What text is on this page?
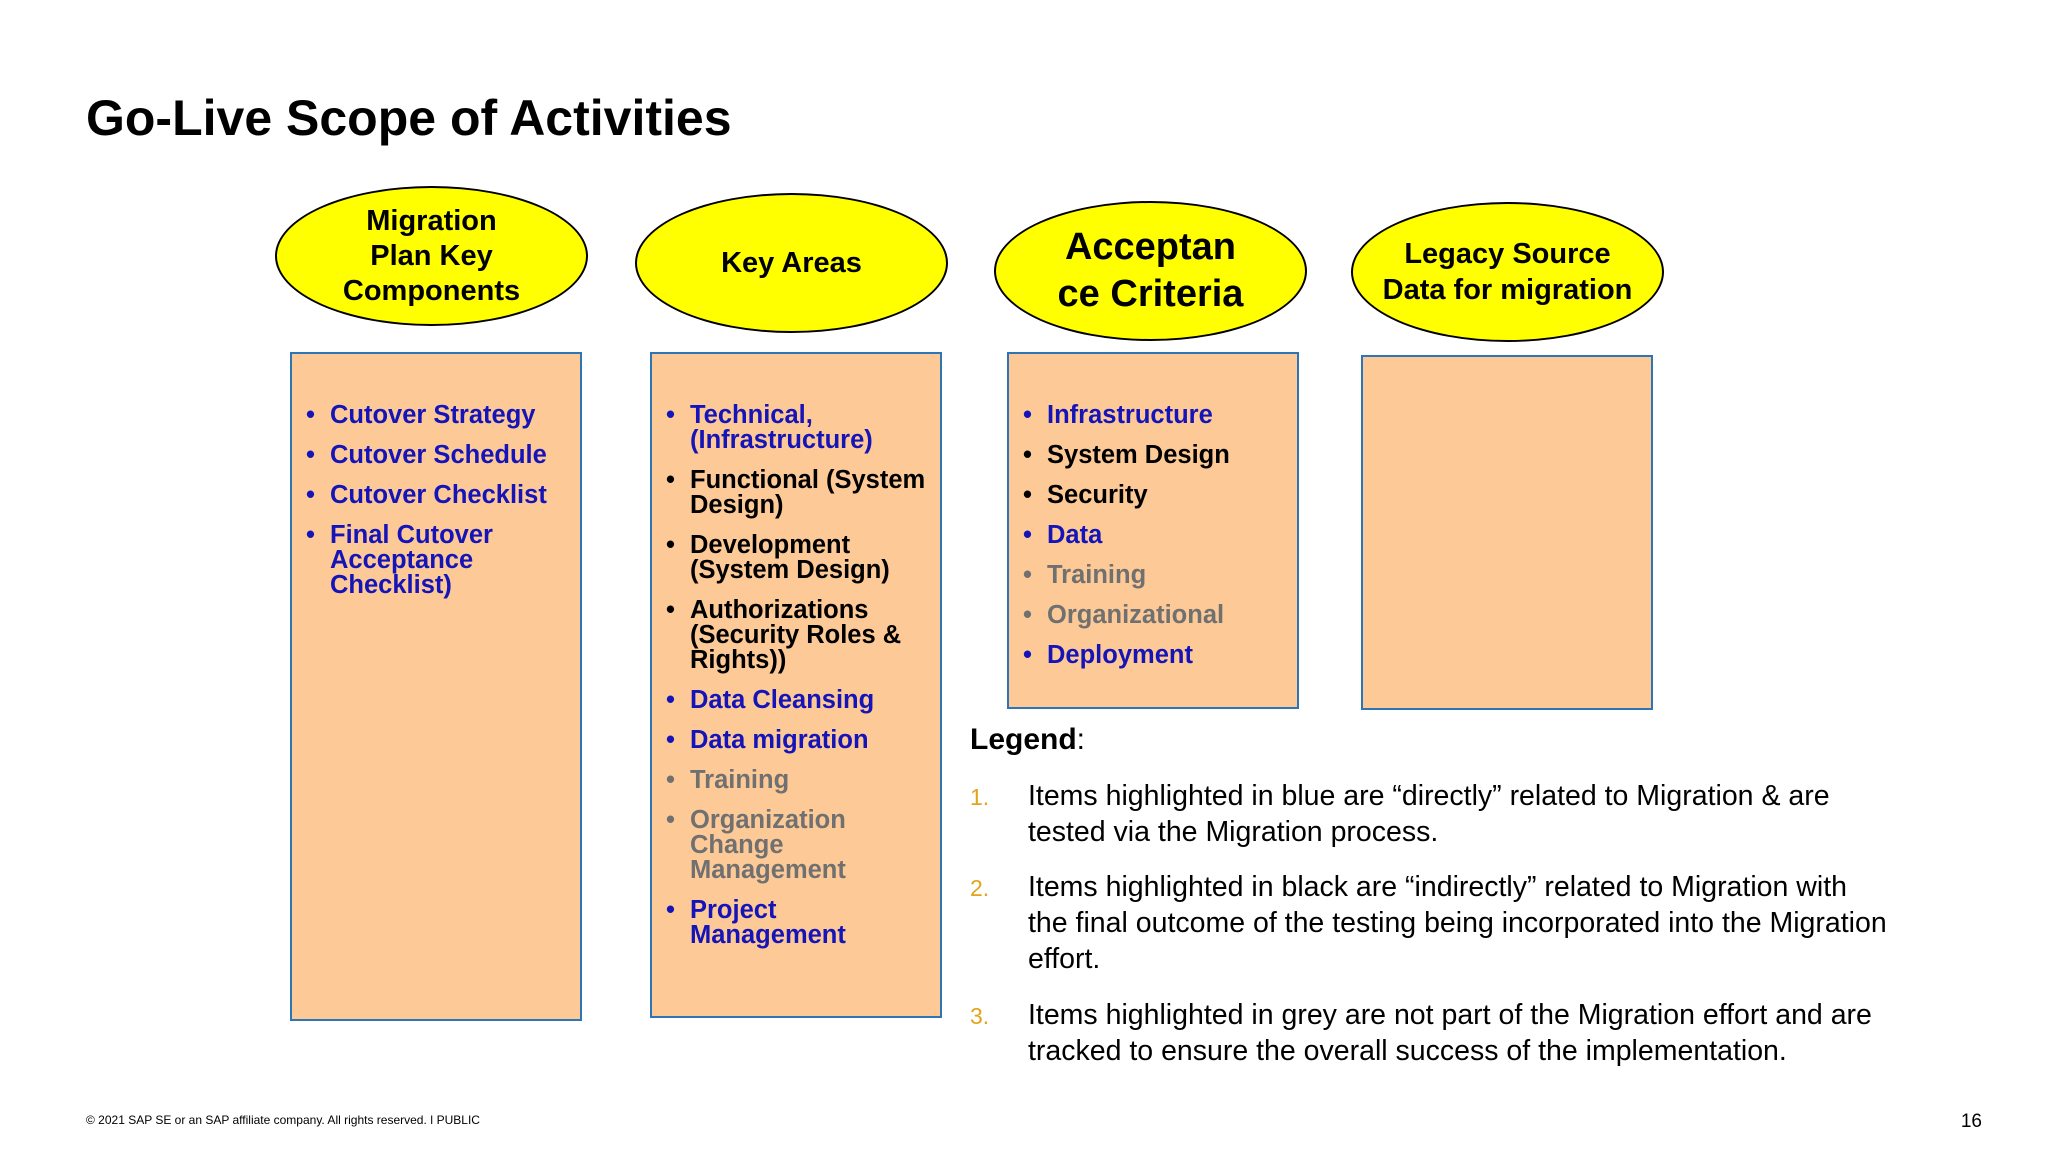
Go-Live Scope of Activities
Migration
Plan Key
Components
Key Areas	Acceptan
ce Criteria
Legacy Source
Data for migration
• Cutover Strategy
• Cutover Schedule
• Cutover Checklist
• Final Cutover Acceptance Checklist)
• Technical, (Infrastructure)
• Functional (System Design)
• Development (System Design)
• Authorizations (Security Roles & Rights))
• Data Cleansing
• Data migration
• Training
• Organization Change Management
• Project Management
• Infrastructure
• System Design
• Security
• Data
• Training
• Organizational
• Deployment
Legend:
1. Items highlighted in blue are “directly” related to Migration & are tested via the Migration process.
2. Items highlighted in black are “indirectly” related to Migration with the final outcome of the testing being incorporated into the Migration effort.
3. Items highlighted in grey are not part of the Migration effort and are tracked to ensure the overall success of the implementation.
© 2021 SAP SE or an SAP affiliate company. All rights reserved. ǀ PUBLIC	16
